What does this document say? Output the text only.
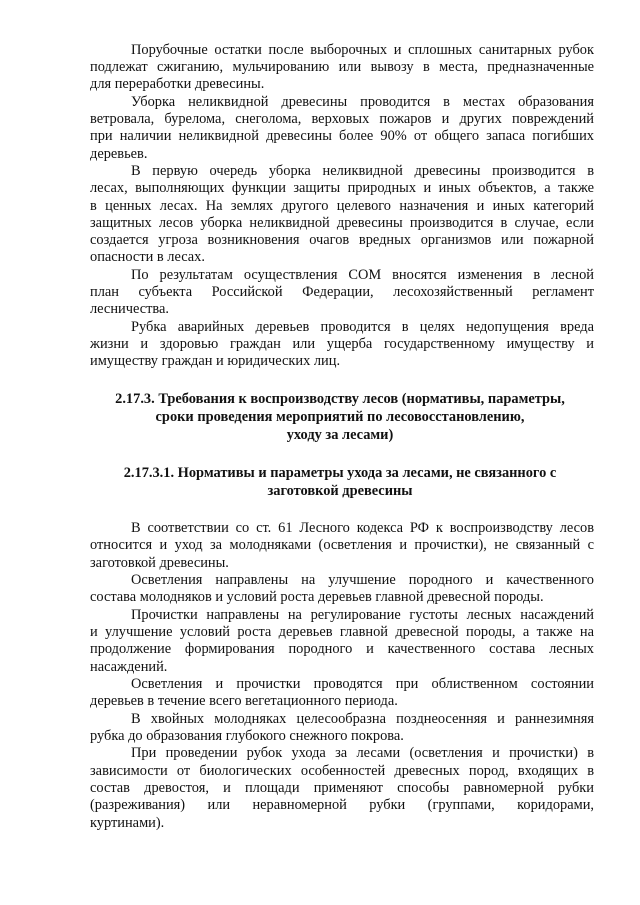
Порубочные остатки после выборочных и сплошных санитарных рубок

подлежат сжиганию, мульчированию или вывозу в места, предназначенные

для переработки древесины.

Уборка неликвидной древесины проводится в местах образования

ветровала, бурелома, снеголома, верховых пожаров и других повреждений

при наличии неликвидной древесины более 90% от общего запаса погибших

деревьев.

В первую очередь уборка неликвидной древесины производится в

лесах, выполняющих функции защиты природных и иных объектов, а также

в ценных лесах. На землях другого целевого назначения и иных категорий

защитных лесов уборка неликвидной древесины производится в случае, если

создается угроза возникновения очагов вредных организмов или пожарной

опасности в лесах.

По результатам осуществления СОМ вносятся изменения в лесной

план субъекта Российской Федерации, лесохозяйственный регламент

лесничества.

Рубка аварийных деревьев проводится в целях недопущения вреда

жизни и здоровью граждан или ущерба государственному имуществу и

имуществу граждан и юридических лиц.

2.17.3. Требования к воспроизводству лесов (нормативы, параметры,

сроки проведения мероприятий по лесовосстановлению,

уходу за лесами)

2.17.3.1. Нормативы и параметры ухода за лесами, не связанного с

заготовкой древесины

В соответствии со ст. 61 Лесного кодекса РФ к воспроизводству лесов

относится и уход за молодняками (осветления и прочистки), не связанный с

заготовкой древесины.

Осветления направлены на улучшение породного и качественного

состава молодняков и условий роста деревьев главной древесной породы.

Прочистки направлены на регулирование густоты лесных насаждений

и улучшение условий роста деревьев главной древесной породы, а также на

продолжение формирования породного и качественного состава лесных

насаждений.

Осветления и прочистки проводятся при облиственном состоянии

деревьев в течение всего вегетационного периода.

В хвойных молодняках целесообразна позднеосенняя и раннезимняя

рубка до образования глубокого снежного покрова.

При проведении рубок ухода за лесами (осветления и прочистки) в

зависимости от биологических особенностей древесных пород, входящих в

состав древостоя, и площади применяют способы равномерной рубки

(разреживания) или неравномерной рубки (группами, коридорами,

куртинами).
